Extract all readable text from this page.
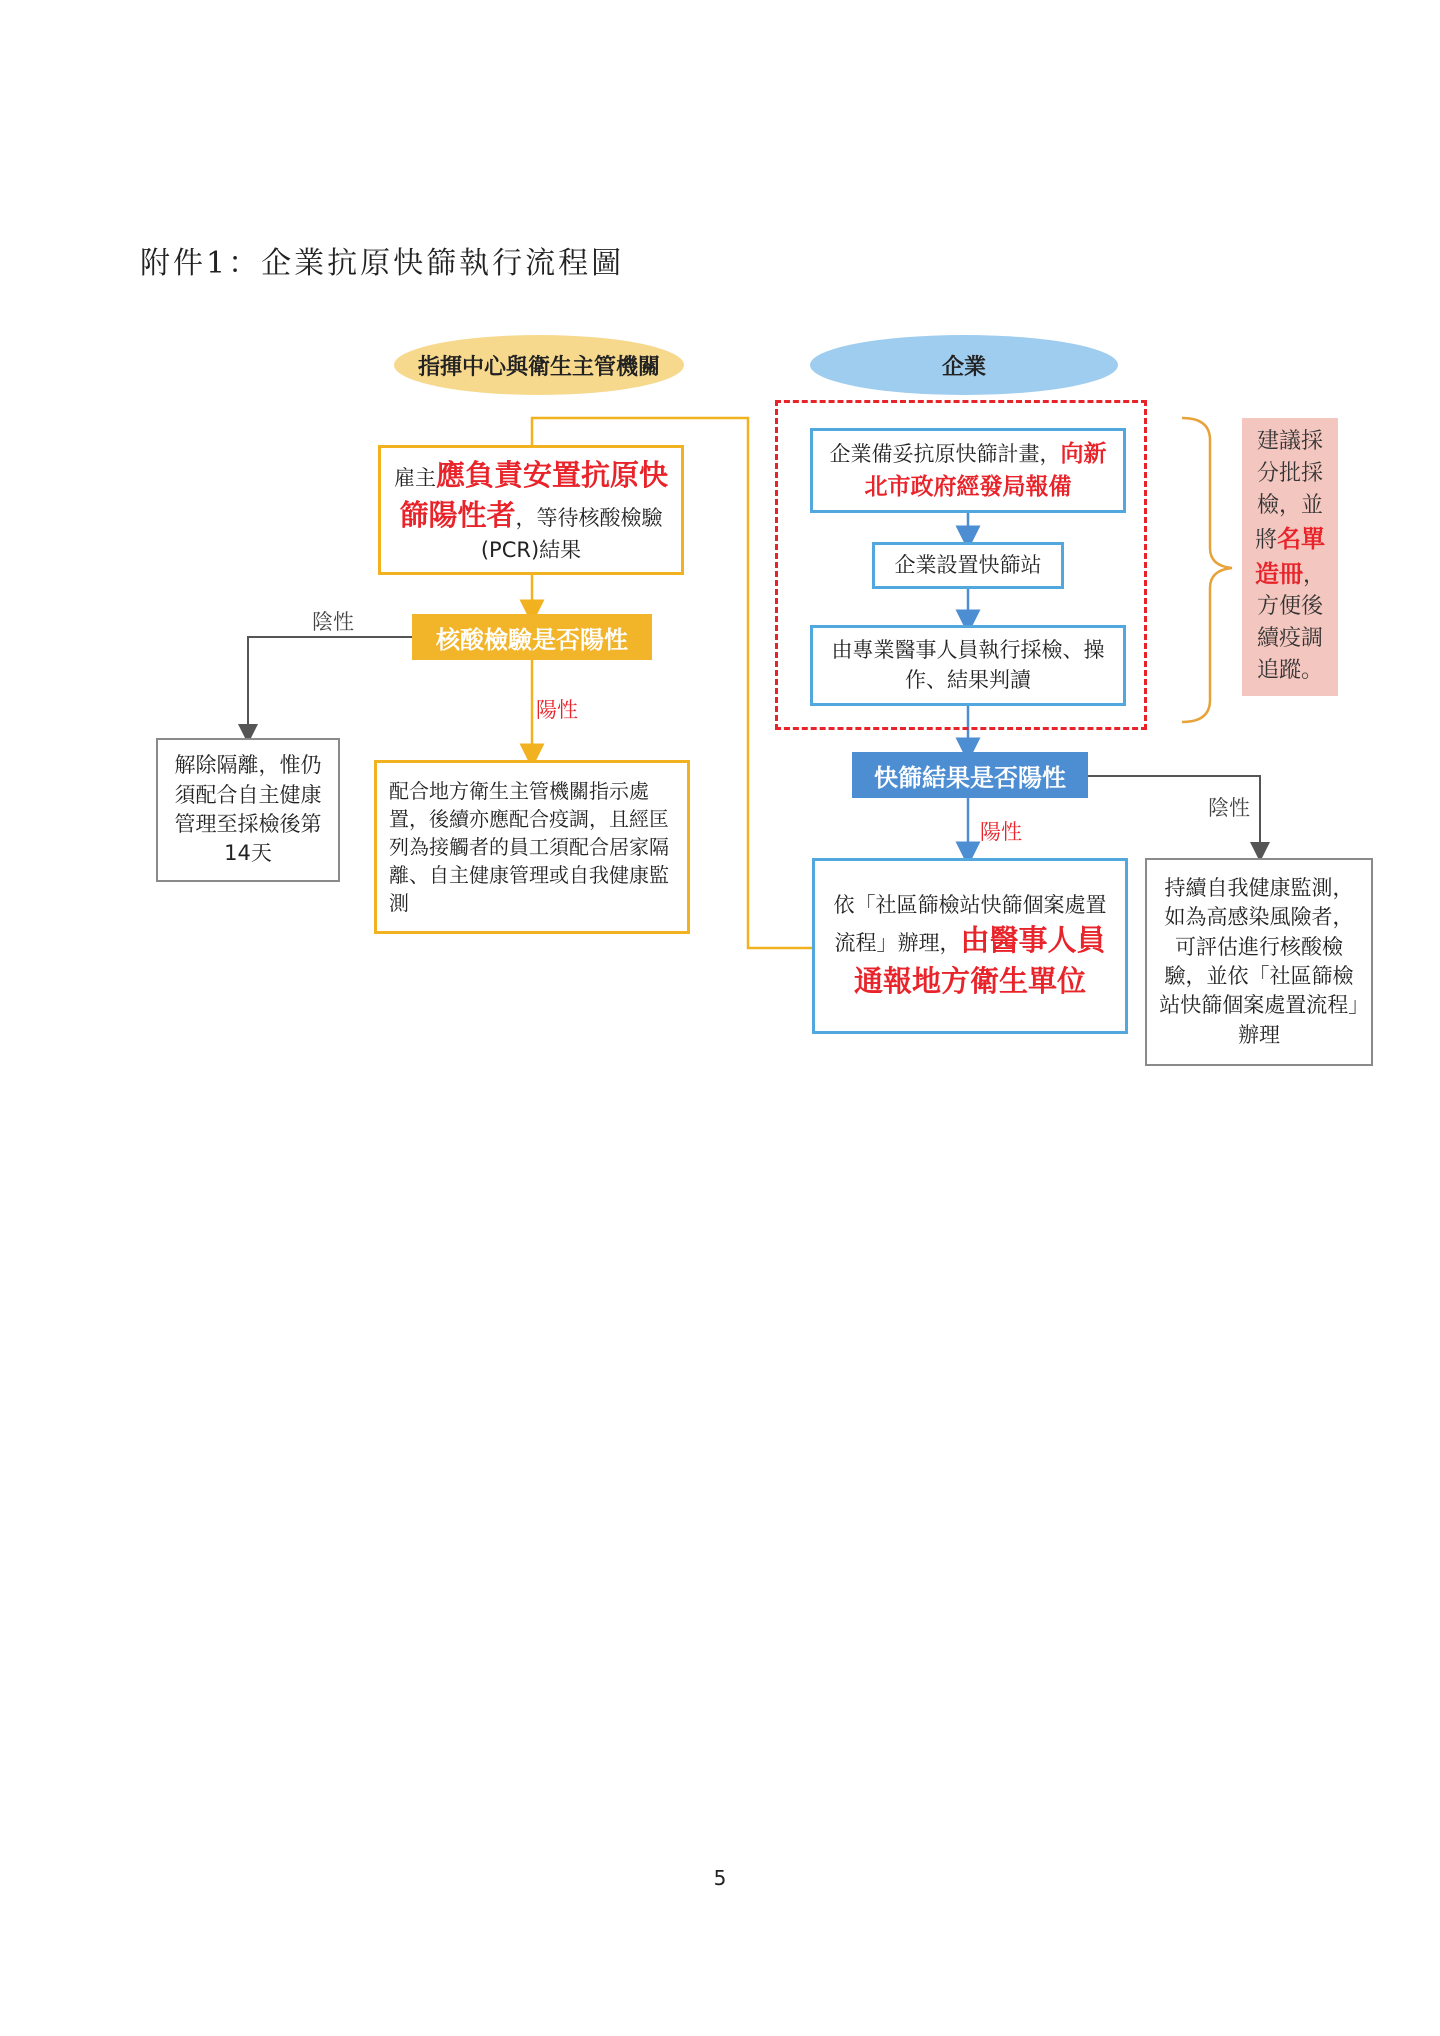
附件1：企業抗原快篩執行流程圖
指揮中心與衛生主管機關	企業
雇主應負責安置抗原快篩陽性者，等待核酸檢驗(PCR)結果
核酸檢驗是否陽性
陰性
陽性
解除隔離，惟仍須配合自主健康管理至採檢後第14天
配合地方衛生主管機關指示處置，後續亦應配合疫調，且經匡列為接觸者的員工須配合居家隔離、自主健康管理或自我健康監測
企業備妥抗原快篩計畫，向新北市政府經發局報備
企業設置快篩站
由專業醫事人員執行採檢、操作、結果判讀
建議採分批採檢，並將名單造冊，方便後續疫調追蹤。
快篩結果是否陽性
陰性
陽性
依「社區篩檢站快篩個案處置流程」辦理，由醫事人員通報地方衛生單位
持續自我健康監測，如為高感染風險者，可評估進行核酸檢驗，並依「社區篩檢站快篩個案處置流程」辦理
5
